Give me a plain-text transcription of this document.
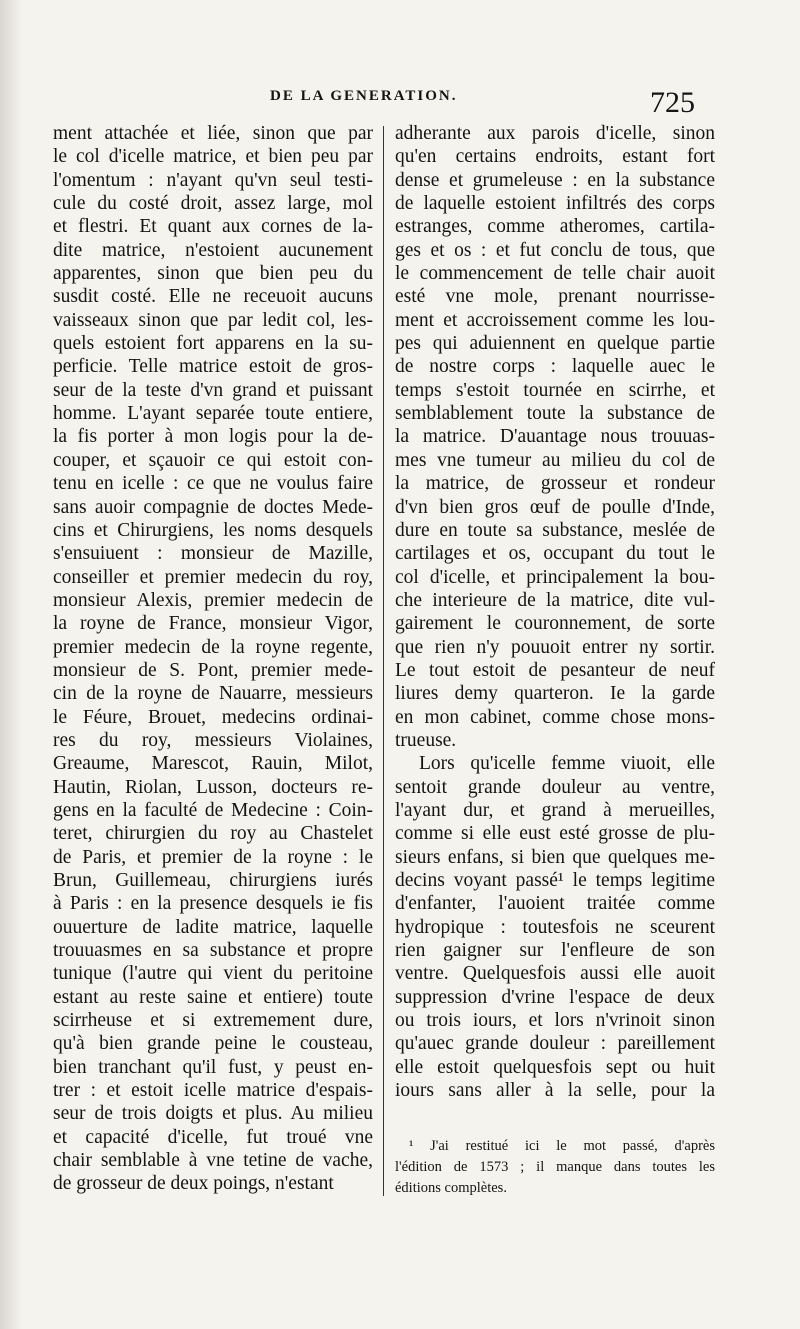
DE LA GENERATION.	725
ment attachée et liée, sinon que par
le col d'icelle matrice, et bien peu par
l'omentum : n'ayant qu'vn seul testi-
cule du costé droit, assez large, mol
et flestri. Et quant aux cornes de la-
dite matrice, n'estoient aucunement
apparentes, sinon que bien peu du
susdit costé. Elle ne receuoit aucuns
vaisseaux sinon que par ledit col, les-
quels estoient fort apparens en la su-
perficie. Telle matrice estoit de gros-
seur de la teste d'vn grand et puissant
homme. L'ayant separée toute entiere,
la fis porter à mon logis pour la de-
couper, et sçauoir ce qui estoit con-
tenu en icelle : ce que ne voulus faire
sans auoir compagnie de doctes Mede-
cins et Chirurgiens, les noms desquels
s'ensuiuent : monsieur de Mazille,
conseiller et premier medecin du roy,
monsieur Alexis, premier medecin de
la royne de France, monsieur Vigor,
premier medecin de la royne regente,
monsieur de S. Pont, premier mede-
cin de la royne de Nauarre, messieurs
le Féure, Brouet, medecins ordinai-
res du roy, messieurs Violaines,
Greaume, Marescot, Rauin, Milot,
Hautin, Riolan, Lusson, docteurs re-
gens en la faculté de Medecine : Coin-
teret, chirurgien du roy au Chastelet
de Paris, et premier de la royne : le
Brun, Guillemeau, chirurgiens iurés
à Paris : en la presence desquels ie fis
ouuerture de ladite matrice, laquelle
trouuasmes en sa substance et propre
tunique (l'autre qui vient du peritoine
estant au reste saine et entiere) toute
scirrheuse et si extremement dure,
qu'à bien grande peine le cousteau,
bien tranchant qu'il fust, y peust en-
trer : et estoit icelle matrice d'espais-
seur de trois doigts et plus. Au milieu
et capacité d'icelle, fut troué vne
chair semblable à vne tetine de vache,
de grosseur de deux poings, n'estant
adherante aux parois d'icelle, sinon
qu'en certains endroits, estant fort
dense et grumeleuse : en la substance
de laquelle estoient infiltrés des corps
estranges, comme atheromes, cartila-
ges et os : et fut conclu de tous, que
le commencement de telle chair auoit
esté vne mole, prenant nourrisse-
ment et accroissement comme les lou-
pes qui aduiennent en quelque partie
de nostre corps : laquelle auec le
temps s'estoit tournée en scirrhe, et
semblablement toute la substance de
la matrice. D'auantage nous trouuas-
mes vne tumeur au milieu du col de
la matrice, de grosseur et rondeur
d'vn bien gros œuf de poulle d'Inde,
dure en toute sa substance, meslée de
cartilages et os, occupant du tout le
col d'icelle, et principalement la bou-
che interieure de la matrice, dite vul-
gairement le couronnement, de sorte
que rien n'y pouuoit entrer ny sortir.
Le tout estoit de pesanteur de neuf
liures demy quarteron. Ie la garde
en mon cabinet, comme chose mons-
trueuse.
Lors qu'icelle femme viuoit, elle
sentoit grande douleur au ventre,
l'ayant dur, et grand à merueilles,
comme si elle eust esté grosse de plu-
sieurs enfans, si bien que quelques me-
decins voyant passé¹ le temps legitime
d'enfanter, l'auoient traitée comme
hydropique : toutesfois ne sceurent
rien gaigner sur l'enfleure de son
ventre. Quelquesfois aussi elle auoit
suppression d'vrine l'espace de deux
ou trois iours, et lors n'vrinoit sinon
qu'auec grande douleur : pareillement
elle estoit quelquesfois sept ou huit
iours sans aller à la selle, pour la
¹ J'ai restitué ici le mot passé, d'après
l'édition de 1573 ; il manque dans toutes les
éditions complètes.
